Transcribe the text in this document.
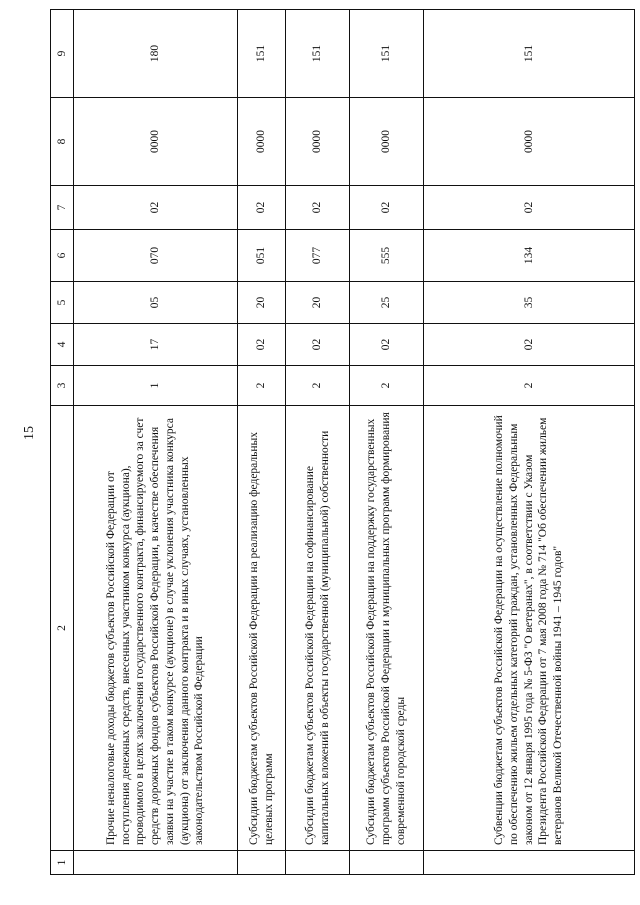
15
1	2	3	4	5	6	7	8	9
	Прочие неналоговые доходы бюджетов субъектов Российской Федерации от поступления денежных средств, внесенных участником конкурса (аукциона), проводимого в целях заключения государственного контракта, финансируемого за счет средств дорожных фондов субъектов Российской Федерации, в качестве обеспечения заявки на участие в таком конкурсе (аукционе) в случае уклонения участника конкурса (аукциона) от заключения данного контракта и в иных случаях, установленных законодательством Российской Федерации	1	17	05	070	02	0000	180
	Субсидии бюджетам субъектов Российской Федерации на реализацию федеральных целевых программ	2	02	20	051	02	0000	151
	Субсидии бюджетам субъектов Российской Федерации на софинансирование капитальных вложений в объекты государственной (муниципальной) собственности	2	02	20	077	02	0000	151
	Субсидии бюджетам субъектов Российской Федерации на поддержку государственных программ субъектов Российской Федерации и муниципальных программ формирования современной городской среды	2	02	25	555	02	0000	151
	Субвенции бюджетам субъектов Российской Федерации на осуществление полномочий по обеспечению жильем отдельных категорий граждан, установленных Федеральным законом от 12 января 1995 года № 5-ФЗ "О ветеранах", в соответствии с Указом Президента Российской Федерации от 7 мая 2008 года № 714 "Об обеспечении жильем ветеранов Великой Отечественной войны 1941 – 1945 годов"	2	02	35	134	02	0000	151
